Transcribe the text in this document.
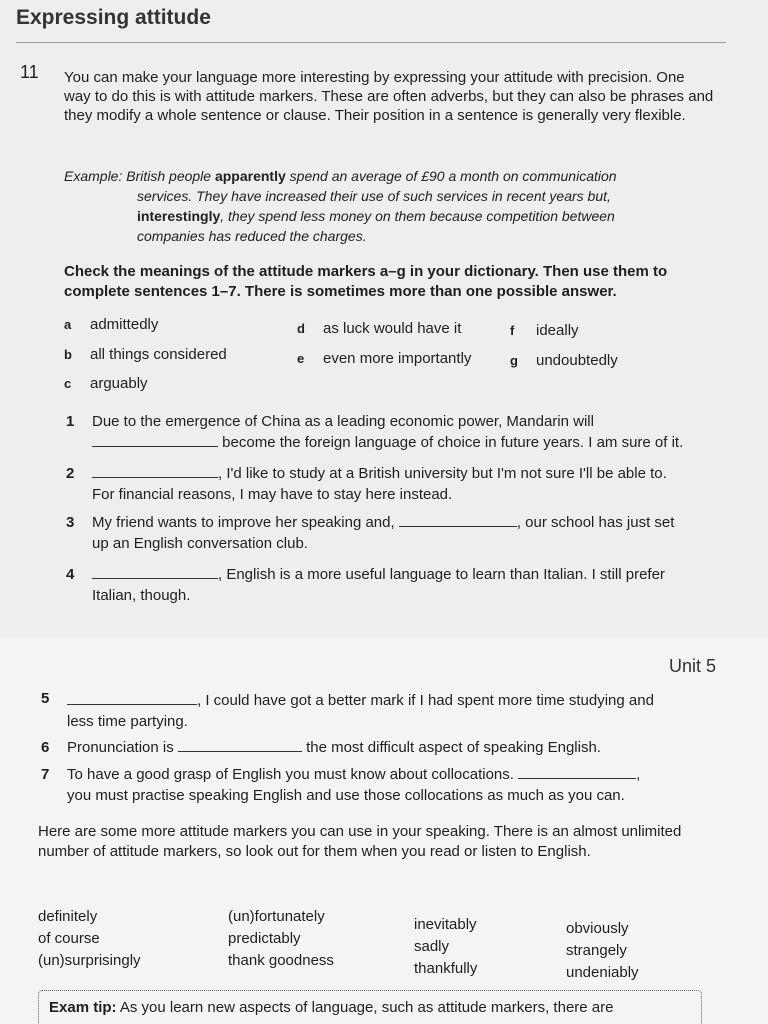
Expressing attitude
11 You can make your language more interesting by expressing your attitude with precision. One way to do this is with attitude markers. These are often adverbs, but they can also be phrases and they modify a whole sentence or clause. Their position in a sentence is generally very flexible.

Example: British people apparently spend an average of £90 a month on communication
services. They have increased their use of such services in recent years but,
interestingly, they spend less money on them because competition between
companies has reduced the charges.
Check the meanings of the attitude markers a–g in your dictionary. Then use them to complete sentences 1–7. There is sometimes more than one possible answer.
a admittedly
b all things considered
c arguably
d as luck would have it
e even more importantly
f ideally
g undoubtedly
1 Due to the emergence of China as a leading economic power, Mandarin will
become the foreign language of choice in future years. I am sure of it.
2	, I'd like to study at a British university but I'm not sure I'll be able to.
For financial reasons, I may have to stay here instead.
3 My friend wants to improve her speaking and,	, our school has just set
up an English conversation club.
4	, English is a more useful language to learn than Italian. I still prefer
Italian, though.
Unit 5
5	, I could have got a better mark if I had spent more time studying and
less time partying.
6 Pronunciation is	the most difficult aspect of speaking English.
7 To have a good grasp of English you must know about collocations.	,
you must practise speaking English and use those collocations as much as you can.
Here are some more attitude markers you can use in your speaking. There is an almost unlimited number of attitude markers, so look out for them when you read or listen to English.
definitely
of course
(un)surprisingly
(un)fortunately
predictably
thank goodness
inevitably
sadly
thankfully
obviously
strangely
undeniably
Exam tip: As you learn new aspects of language, such as attitude markers, there are
